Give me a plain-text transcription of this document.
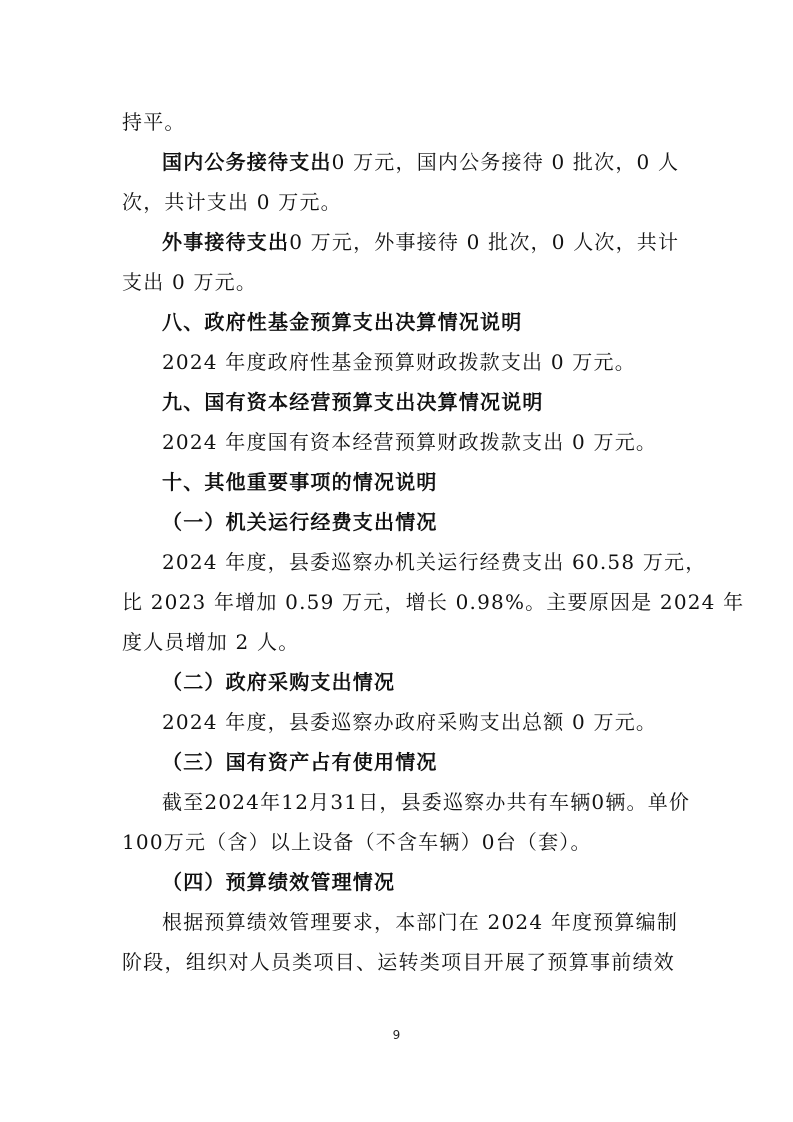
持平。
国内公务接待支出0 万元，国内公务接待 0 批次，0 人
次，共计支出 0 万元。
外事接待支出0 万元，外事接待 0 批次，0 人次，共计
支出 0 万元。
八、政府性基金预算支出决算情况说明
2024 年度政府性基金预算财政拨款支出 0 万元。
九、国有资本经营预算支出决算情况说明
2024 年度国有资本经营预算财政拨款支出 0 万元。
十、其他重要事项的情况说明
（一）机关运行经费支出情况
2024 年度，县委巡察办机关运行经费支出 60.58 万元，
比 2023 年增加 0.59 万元，增长 0.98%。主要原因是 2024 年
度人员增加 2 人。
（二）政府采购支出情况
2024 年度，县委巡察办政府采购支出总额 0 万元。
（三）国有资产占有使用情况
截至2024年12月31日，县委巡察办共有车辆0辆。单价
100万元（含）以上设备（不含车辆）0台（套）。
（四）预算绩效管理情况
根据预算绩效管理要求，本部门在 2024 年度预算编制
阶段，组织对人员类项目、运转类项目开展了预算事前绩效
9
